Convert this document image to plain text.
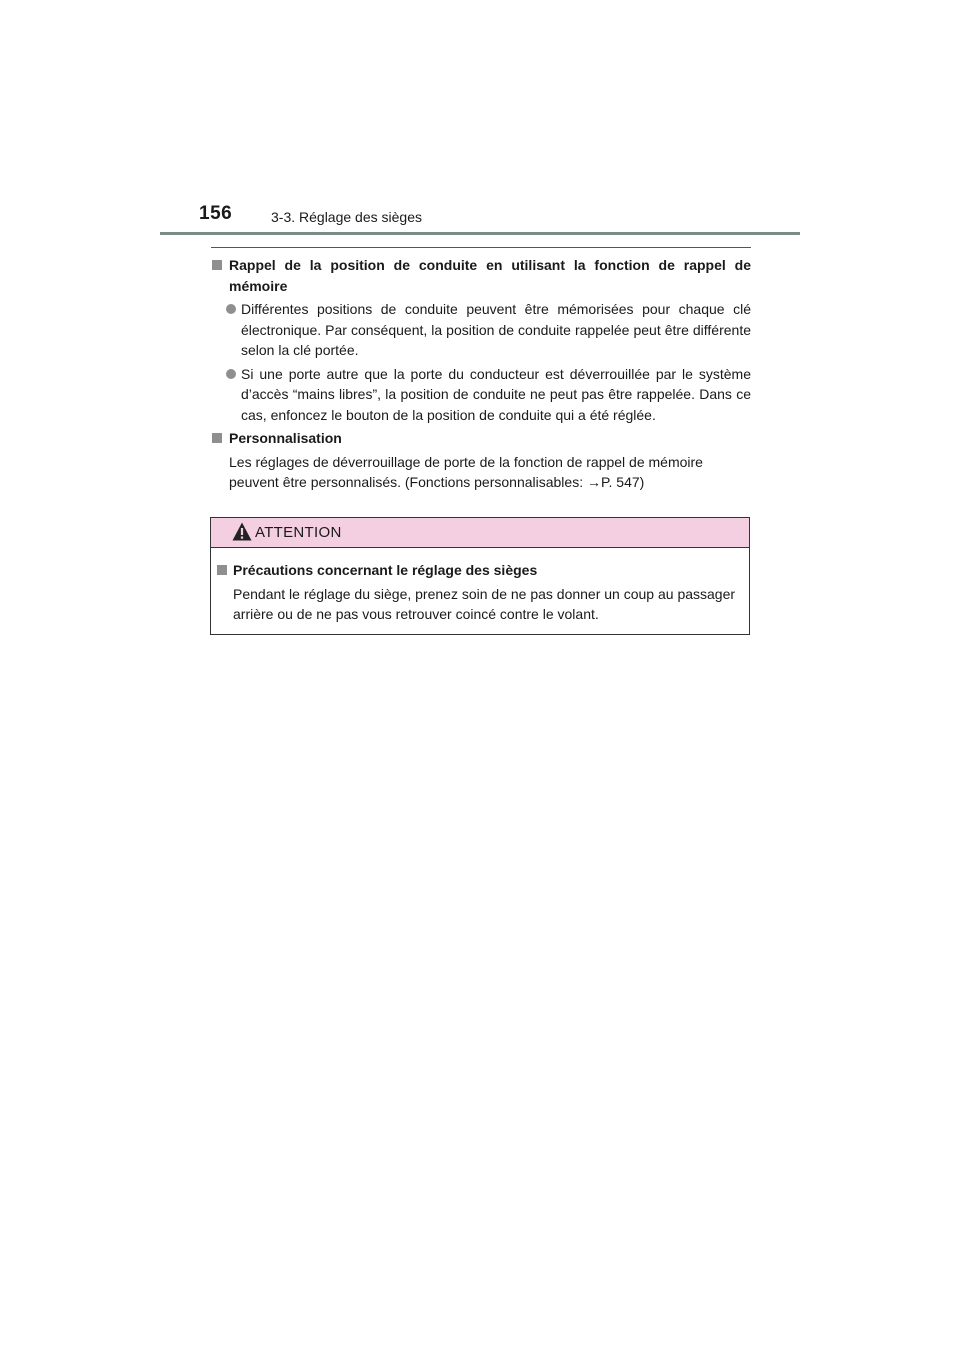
156	3-3. Réglage des sièges
Rappel de la position de conduite en utilisant la fonction de rappel de mémoire
Différentes positions de conduite peuvent être mémorisées pour chaque clé électronique. Par conséquent, la position de conduite rappelée peut être différente selon la clé portée.
Si une porte autre que la porte du conducteur est déverrouillée par le système d’accès “mains libres”, la position de conduite ne peut pas être rappelée. Dans ce cas, enfoncez le bouton de la position de conduite qui a été réglée.
Personnalisation
Les réglages de déverrouillage de porte de la fonction de rappel de mémoire peuvent être personnalisés. (Fonctions personnalisables: →P. 547)
ATTENTION
Précautions concernant le réglage des sièges
Pendant le réglage du siège, prenez soin de ne pas donner un coup au passager arrière ou de ne pas vous retrouver coincé contre le volant.
